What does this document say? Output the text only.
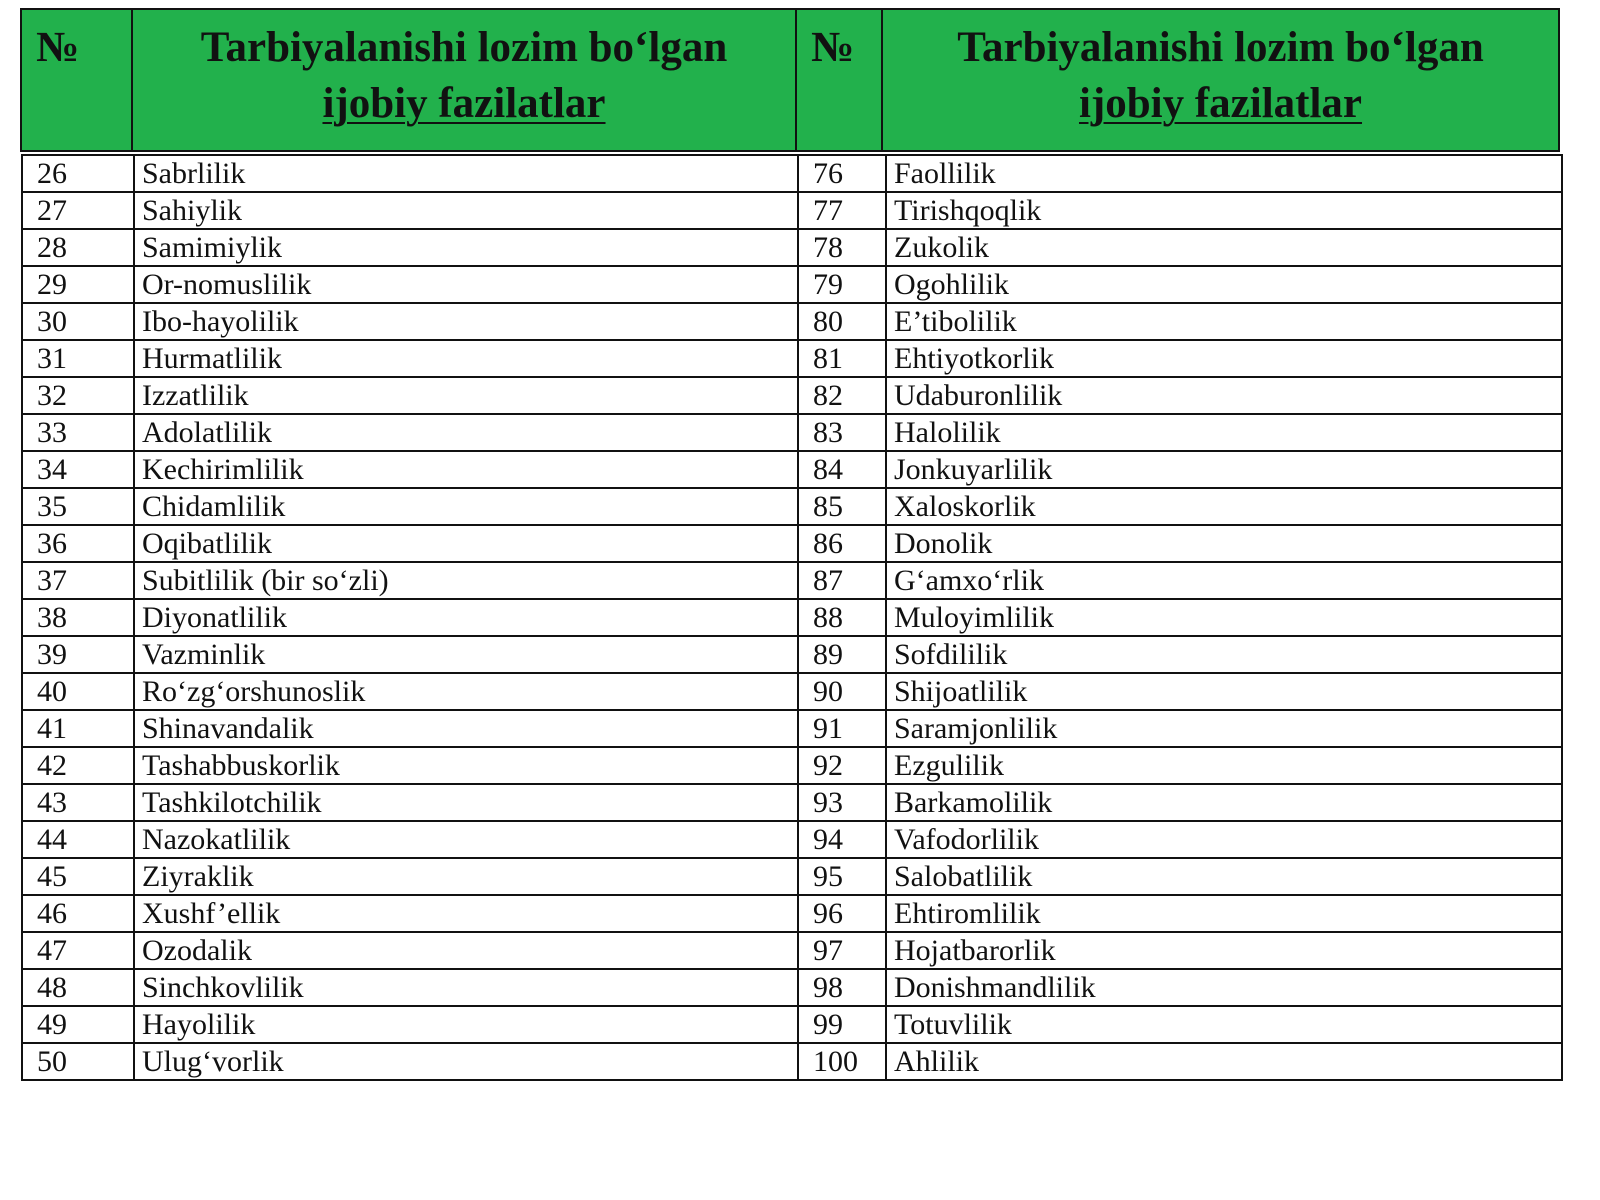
№	Tarbiyalanishi lozim bo‘lgan
ijobiy fazilatlar
	№	Tarbiyalanishi lozim bo‘lgan
ijobiy fazilatlar
26	Sabrlilik	76	Faollilik
27	Sahiylik	77	Tirishqoqlik
28	Samimiylik	78	Zukolik
29	Or-nomuslilik	79	Ogohlilik
30	Ibo-hayolilik	80	E’tibolilik
31	Hurmatlilik	81	Ehtiyotkorlik
32	Izzatlilik	82	Udaburonlilik
33	Adolatlilik	83	Halolilik
34	Kechirimlilik	84	Jonkuyarlilik
35	Chidamlilik	85	Xaloskorlik
36	Oqibatlilik	86	Donolik
37	Subitlilik (bir so‘zli)	87	G‘amxo‘rlik
38	Diyonatlilik	88	Muloyimlilik
39	Vazminlik	89	Sofdililik
40	Ro‘zg‘orshunoslik	90	Shijoatlilik
41	Shinavandalik	91	Saramjonlilik
42	Tashabbuskorlik	92	Ezgulilik
43	Tashkilotchilik	93	Barkamolilik
44	Nazokatlilik	94	Vafodorlilik
45	Ziyraklik	95	Salobatlilik
46	Xushf’ellik	96	Ehtiromlilik
47	Ozodalik	97	Hojatbarorlik
48	Sinchkovlilik	98	Donishmandlilik
49	Hayolilik	99	Totuvlilik
50	Ulug‘vorlik	100	Ahlilik
